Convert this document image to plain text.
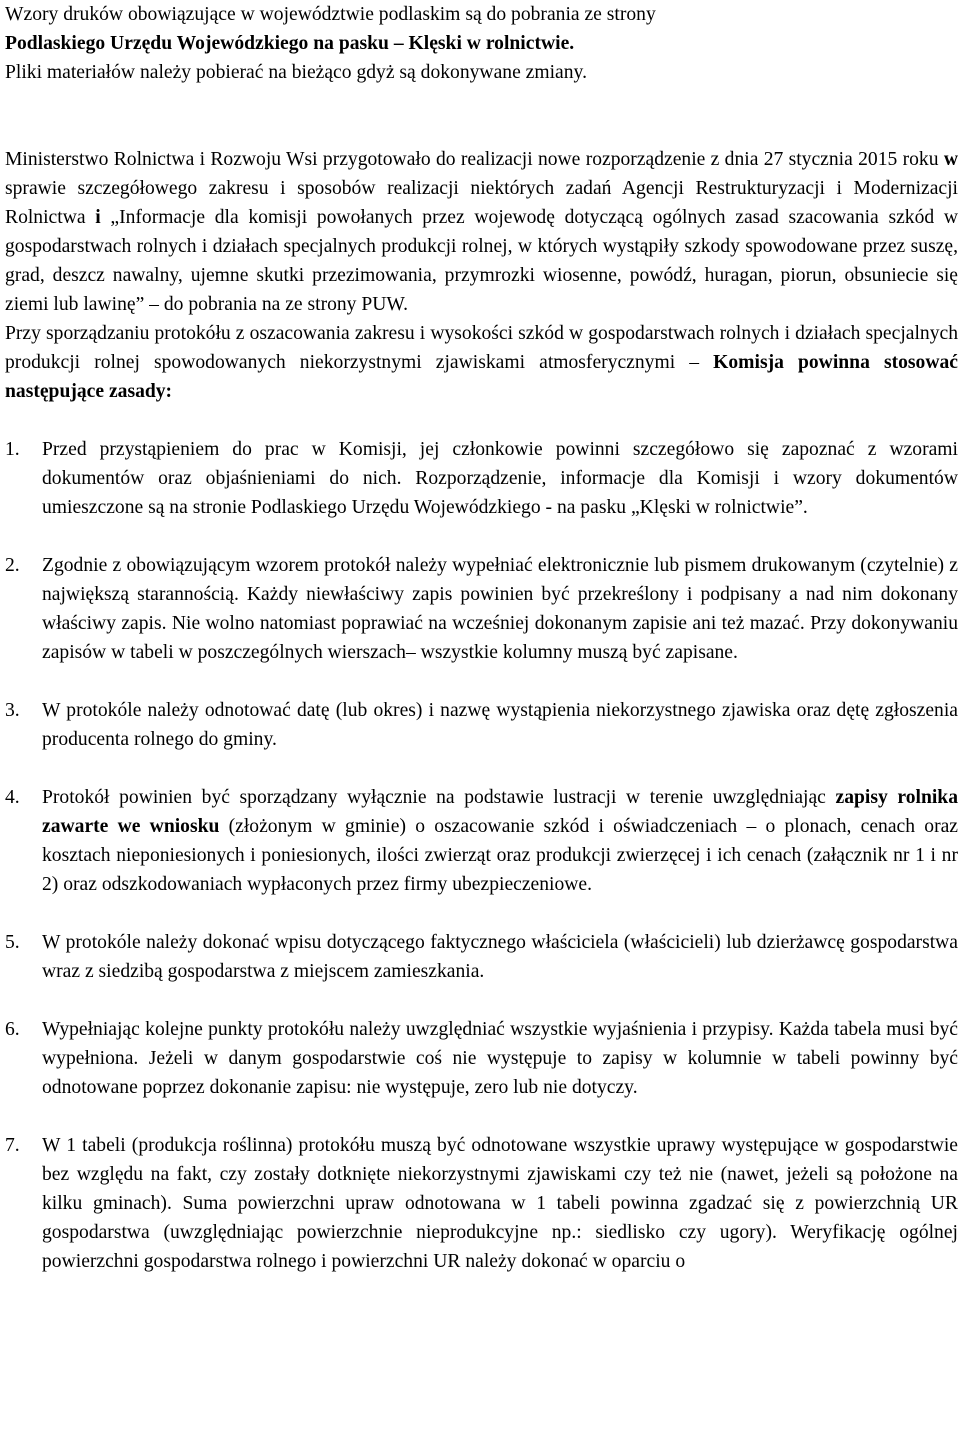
Wzory druków obowiązujące w województwie podlaskim są do pobrania ze strony

Podlaskiego Urzędu Wojewódzkiego na pasku – Klęski w rolnictwie.

Pliki materiałów należy pobierać na bieżąco gdyż są dokonywane zmiany.

Ministerstwo Rolnictwa i Rozwoju Wsi przygotowało do realizacji nowe rozporządzenie z dnia 27 stycznia 2015 roku w sprawie szczegółowego zakresu i sposobów realizacji niektórych zadań Agencji Restrukturyzacji i Modernizacji Rolnictwa i „Informacje dla komisji powołanych przez wojewodę dotyczącą ogólnych zasad szacowania szkód w gospodarstwach rolnych i działach specjalnych produkcji rolnej, w których wystąpiły szkody spowodowane przez suszę, grad, deszcz nawalny, ujemne skutki przezimowania, przymrozki wiosenne, powódź, huragan, piorun, obsuniecie się ziemi lub lawinę” – do pobrania na ze strony PUW.

Przy sporządzaniu protokółu z oszacowania zakresu i wysokości szkód w gospodarstwach rolnych i działach specjalnych produkcji rolnej spowodowanych niekorzystnymi zjawiskami atmosferycznymi – Komisja powinna stosować następujące zasady:

1.	Przed przystąpieniem do prac w Komisji, jej członkowie powinni szczegółowo się zapoznać z wzorami dokumentów oraz objaśnieniami do nich. Rozporządzenie, informacje dla Komisji i wzory dokumentów umieszczone są na stronie Podlaskiego Urzędu Wojewódzkiego - na pasku „Klęski w rolnictwie”.

2.	Zgodnie z obowiązującym wzorem protokół należy wypełniać elektronicznie lub pismem drukowanym (czytelnie) z największą starannością. Każdy niewłaściwy zapis powinien być przekreślony i podpisany a nad nim dokonany właściwy zapis. Nie wolno natomiast poprawiać na wcześniej dokonanym zapisie ani też mazać. Przy dokonywaniu zapisów w tabeli w poszczególnych wierszach– wszystkie kolumny muszą być zapisane.

3.	W protokóle należy odnotować datę (lub okres) i nazwę wystąpienia niekorzystnego zjawiska oraz dętę zgłoszenia producenta rolnego do gminy.

4.	Protokół powinien być sporządzany wyłącznie na podstawie lustracji w terenie uwzględniając zapisy rolnika zawarte we wniosku (złożonym w gminie) o oszacowanie szkód i oświadczeniach – o plonach, cenach oraz kosztach nieponiesionych i poniesionych, ilości zwierząt oraz produkcji zwierzęcej i ich cenach (załącznik nr 1 i nr 2) oraz odszkodowaniach wypłaconych przez firmy ubezpieczeniowe.

5.	W protokóle należy dokonać wpisu dotyczącego faktycznego właściciela (właścicieli) lub dzierżawcę gospodarstwa wraz z siedzibą gospodarstwa z miejscem zamieszkania.

6.	Wypełniając kolejne punkty protokółu należy uwzględniać wszystkie wyjaśnienia i przypisy. Każda tabela musi być wypełniona. Jeżeli w danym gospodarstwie coś nie występuje to zapisy w kolumnie w tabeli powinny być odnotowane poprzez dokonanie zapisu: nie występuje, zero lub nie dotyczy.

7.	W 1 tabeli (produkcja roślinna) protokółu muszą być odnotowane wszystkie uprawy występujące w gospodarstwie bez względu na fakt, czy zostały dotknięte niekorzystnymi zjawiskami czy też nie (nawet, jeżeli są położone na kilku gminach). Suma powierzchni upraw odnotowana w 1 tabeli powinna zgadzać się z powierzchnią UR gospodarstwa (uwzględniając powierzchnie nieprodukcyjne np.: siedlisko czy ugory). Weryfikację ogólnej powierzchni gospodarstwa rolnego i powierzchni UR należy dokonać w oparciu o
